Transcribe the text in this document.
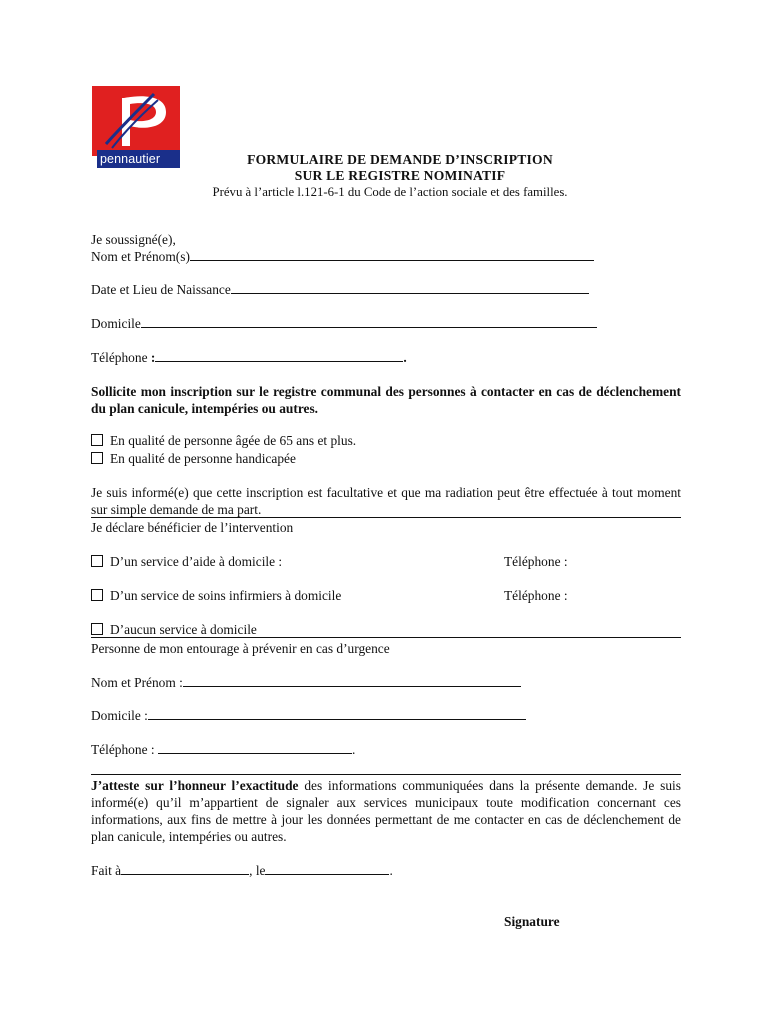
pennautier	FORMULAIRE DE DEMANDE D’INSCRIPTION
SUR LE REGISTRE NOMINATIF
Prévu à l’article l.121-6-1 du Code de l’action sociale et des familles.
Je soussigné(e),
Nom et Prénom(s)
Date et Lieu de Naissance
Domicile
Téléphone :	.
Sollicite mon inscription sur le registre communal des personnes à contacter en cas de déclenchement du plan canicule, intempéries ou autres.
En qualité de personne âgée de 65 ans et plus.
En qualité de personne handicapée
Je suis informé(e) que cette inscription est facultative et que ma radiation peut être effectuée à tout moment sur simple demande de ma part.
Je déclare bénéficier de l’intervention
D’un service d’aide à domicile :	Téléphone :
D’un service de soins infirmiers à domicile	Téléphone :
D’aucun service à domicile
Personne de mon entourage à prévenir en cas d’urgence
Nom et Prénom :
Domicile :
Téléphone :	.
J’atteste sur l’honneur l’exactitude des informations communiquées dans la présente demande. Je suis informé(e) qu’il m’appartient de signaler aux services municipaux toute modification concernant ces informations, aux fins de mettre à jour les données permettant de me contacter en cas de déclenchement de plan canicule, intempéries ou autres.
Fait à	, le	.
Signature
